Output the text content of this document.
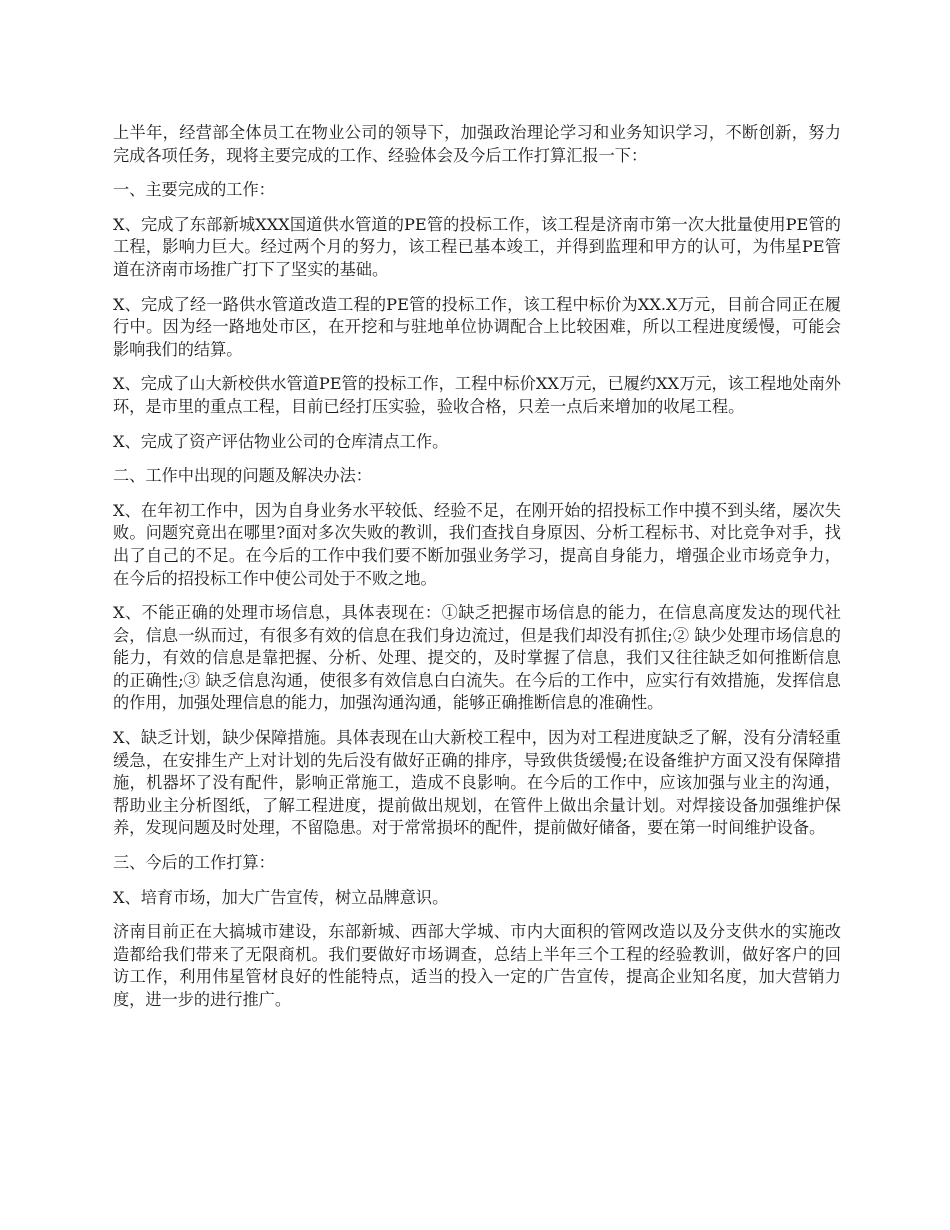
上半年，经营部全体员工在物业公司的领导下，加强政治理论学习和业务知识学习，不断创新，努力完成各项任务，现将主要完成的工作、经验体会及今后工作打算汇报一下：

一、主要完成的工作：

X、完成了东部新城XXX国道供水管道的PE管的投标工作，该工程是济南市第一次大批量使用PE管的工程，影响力巨大。经过两个月的努力，该工程已基本竣工，并得到监理和甲方的认可，为伟星PE管道在济南市场推广打下了坚实的基础。

X、完成了经一路供水管道改造工程的PE管的投标工作，该工程中标价为XX.X万元，目前合同正在履行中。因为经一路地处市区，在开挖和与驻地单位协调配合上比较困难，所以工程进度缓慢，可能会影响我们的结算。

X、完成了山大新校供水管道PE管的投标工作，工程中标价XX万元，已履约XX万元，该工程地处南外环，是市里的重点工程，目前已经打压实验，验收合格，只差一点后来增加的收尾工程。

X、完成了资产评估物业公司的仓库清点工作。

二、工作中出现的问题及解决办法：

X、在年初工作中，因为自身业务水平较低、经验不足，在刚开始的招投标工作中摸不到头绪，屡次失败。问题究竟出在哪里?面对多次失败的教训，我们查找自身原因、分析工程标书、对比竞争对手，找出了自己的不足。在今后的工作中我们要不断加强业务学习，提高自身能力，增强企业市场竞争力，在今后的招投标工作中使公司处于不败之地。

X、不能正确的处理市场信息，具体表现在：①缺乏把握市场信息的能力，在信息高度发达的现代社会，信息一纵而过，有很多有效的信息在我们身边流过，但是我们却没有抓住;② 缺少处理市场信息的能力，有效的信息是靠把握、分析、处理、提交的，及时掌握了信息，我们又往往缺乏如何推断信息的正确性;③ 缺乏信息沟通，使很多有效信息白白流失。在今后的工作中，应实行有效措施，发挥信息的作用，加强处理信息的能力，加强沟通沟通，能够正确推断信息的准确性。

X、缺乏计划，缺少保障措施。具体表现在山大新校工程中，因为对工程进度缺乏了解，没有分清轻重缓急，在安排生产上对计划的先后没有做好正确的排序，导致供货缓慢;在设备维护方面又没有保障措施，机器坏了没有配件，影响正常施工，造成不良影响。在今后的工作中，应该加强与业主的沟通，帮助业主分析图纸，了解工程进度，提前做出规划，在管件上做出余量计划。对焊接设备加强维护保养，发现问题及时处理，不留隐患。对于常常损坏的配件，提前做好储备，要在第一时间维护设备。

三、今后的工作打算：

X、培育市场，加大广告宣传，树立品牌意识。

济南目前正在大搞城市建设，东部新城、西部大学城、市内大面积的管网改造以及分支供水的实施改造都给我们带来了无限商机。我们要做好市场调查，总结上半年三个工程的经验教训，做好客户的回访工作，利用伟星管材良好的性能特点，适当的投入一定的广告宣传，提高企业知名度，加大营销力度，进一步的进行推广。
